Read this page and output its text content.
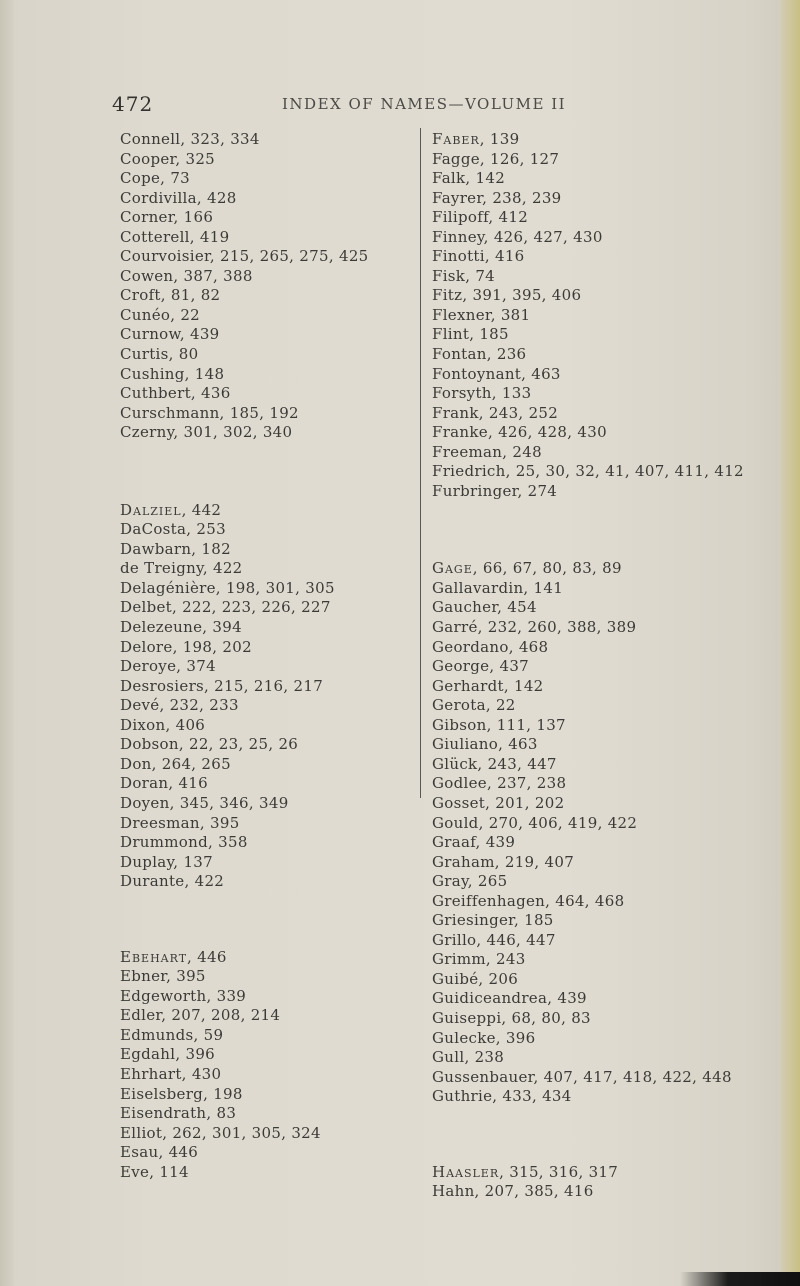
472	INDEX OF NAMES—VOLUME II
Connell, 323, 334
Cooper, 325
Cope, 73
Cordivilla, 428
Corner, 166
Cotterell, 419
Courvoisier, 215, 265, 275, 425
Cowen, 387, 388
Croft, 81, 82
Cunéo, 22
Curnow, 439
Curtis, 80
Cushing, 148
Cuthbert, 436
Curschmann, 185, 192
Czerny, 301, 302, 340
Dalziel, 442
DaCosta, 253
Dawbarn, 182
de Treigny, 422
Delagénière, 198, 301, 305
Delbet, 222, 223, 226, 227
Delezeune, 394
Delore, 198, 202
Deroye, 374
Desrosiers, 215, 216, 217
Devé, 232, 233
Dixon, 406
Dobson, 22, 23, 25, 26
Don, 264, 265
Doran, 416
Doyen, 345, 346, 349
Dreesman, 395
Drummond, 358
Duplay, 137
Durante, 422
Ebehart, 446
Ebner, 395
Edgeworth, 339
Edler, 207, 208, 214
Edmunds, 59
Egdahl, 396
Ehrhart, 430
Eiselsberg, 198
Eisendrath, 83
Elliot, 262, 301, 305, 324
Esau, 446
Eve, 114
Faber, 139
Fagge, 126, 127
Falk, 142
Fayrer, 238, 239
Filipoff, 412
Finney, 426, 427, 430
Finotti, 416
Fisk, 74
Fitz, 391, 395, 406
Flexner, 381
Flint, 185
Fontan, 236
Fontoynant, 463
Forsyth, 133
Frank, 243, 252
Franke, 426, 428, 430
Freeman, 248
Friedrich, 25, 30, 32, 41, 407, 411, 412
Furbringer, 274
Gage, 66, 67, 80, 83, 89
Gallavardin, 141
Gaucher, 454
Garré, 232, 260, 388, 389
Geordano, 468
George, 437
Gerhardt, 142
Gerota, 22
Gibson, 111, 137
Giuliano, 463
Glück, 243, 447
Godlee, 237, 238
Gosset, 201, 202
Gould, 270, 406, 419, 422
Graaf, 439
Graham, 219, 407
Gray, 265
Greiffenhagen, 464, 468
Griesinger, 185
Grillo, 446, 447
Grimm, 243
Guibé, 206
Guidiceandrea, 439
Guiseppi, 68, 80, 83
Gulecke, 396
Gull, 238
Gussenbauer, 407, 417, 418, 422, 448
Guthrie, 433, 434
Haasler, 315, 316, 317
Hahn, 207, 385, 416
